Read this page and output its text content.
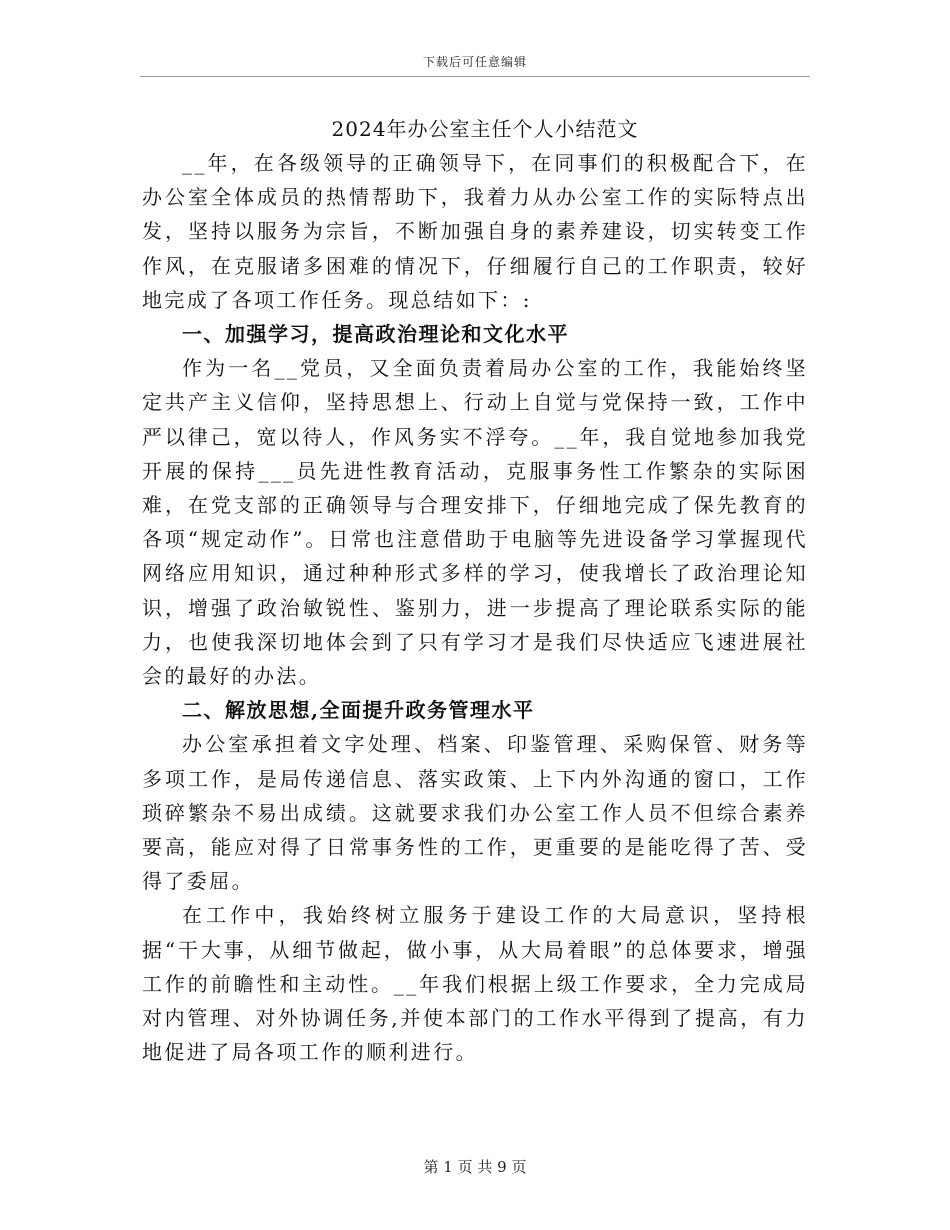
下载后可任意编辑
2024年办公室主任个人小结范文

__年，在各级领导的正确领导下，在同事们的积极配合下，在办公室全体成员的热情帮助下，我着力从办公室工作的实际特点出发，坚持以服务为宗旨，不断加强自身的素养建设，切实转变工作作风，在克服诸多困难的情况下，仔细履行自己的工作职责，较好地完成了各项工作任务。现总结如下：:

一、加强学习，提高政治理论和文化水平

作为一名__党员，又全面负责着局办公室的工作，我能始终坚定共产主义信仰，坚持思想上、行动上自觉与党保持一致，工作中严以律己，宽以待人，作风务实不浮夸。__年，我自觉地参加我党开展的保持___员先进性教育活动，克服事务性工作繁杂的实际困难，在党支部的正确领导与合理安排下，仔细地完成了保先教育的各项“规定动作”。日常也注意借助于电脑等先进设备学习掌握现代网络应用知识，通过种种形式多样的学习，使我增长了政治理论知识，增强了政治敏锐性、鉴别力，进一步提高了理论联系实际的能力，也使我深切地体会到了只有学习才是我们尽快适应飞速进展社会的最好的办法。

二、解放思想,全面提升政务管理水平

办公室承担着文字处理、档案、印鉴管理、采购保管、财务等多项工作，是局传递信息、落实政策、上下内外沟通的窗口，工作琐碎繁杂不易出成绩。这就要求我们办公室工作人员不但综合素养要高，能应对得了日常事务性的工作，更重要的是能吃得了苦、受得了委屈。

在工作中，我始终树立服务于建设工作的大局意识，坚持根据“干大事，从细节做起，做小事，从大局着眼”的总体要求，增强工作的前瞻性和主动性。__年我们根据上级工作要求，全力完成局对内管理、对外协调任务,并使本部门的工作水平得到了提高，有力地促进了局各项工作的顺利进行。

第 1 页 共 9 页
